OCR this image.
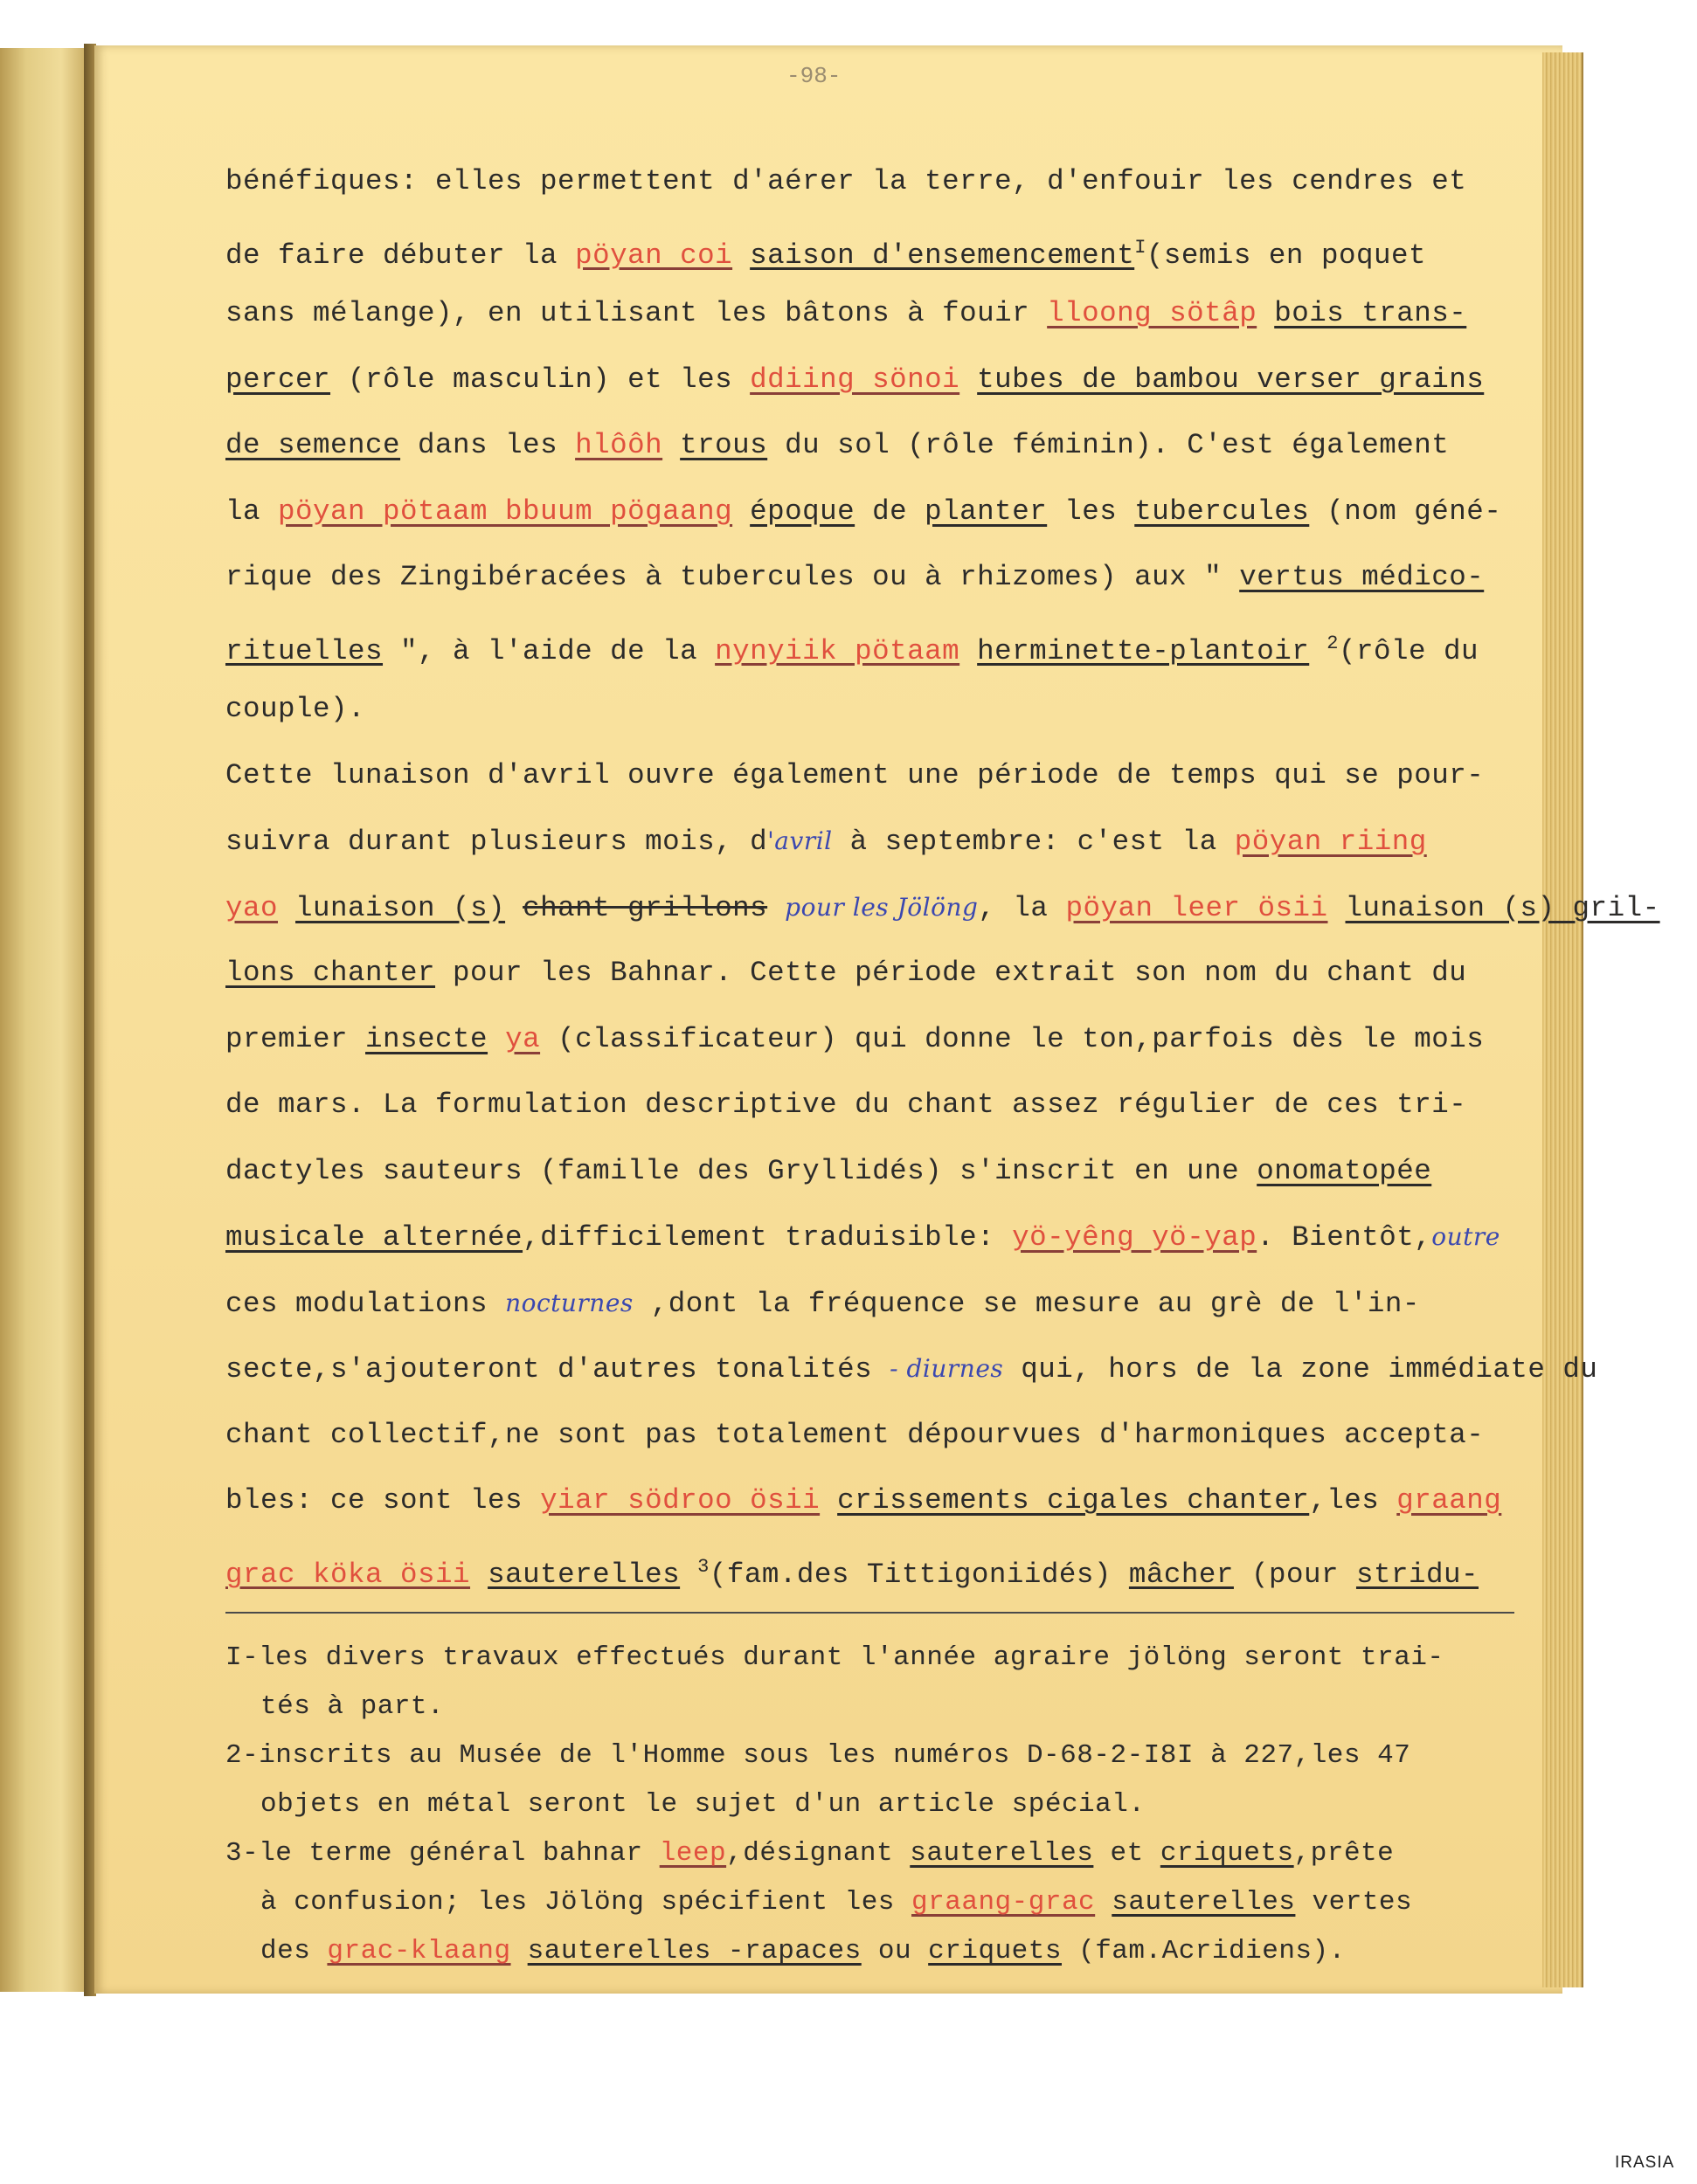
-98-
bénéfiques: elles permettent d'aérer la terre, d'enfouir les cendres et
de faire débuter la pöyan coi saison d'ensemencement$^I$(semis en poquet
sans mélange), en utilisant les bâtons à fouir lloong sötâp bois trans-
percer (rôle masculin) et les ddiing sönoi tubes de bambou verser grains
de semence dans les hlôôh trous du sol (rôle féminin). C'est également
la pöyan pötaam bbuum pögaang époque de planter les tubercules (nom géné-
rique des Zingibéracées à tubercules ou à rhizomes) aux " vertus médico-
rituelles ", à l'aide de la nynyiik pötaam herminette-plantoir $^2$(rôle du
couple).
Cette lunaison d'avril ouvre également une période de temps qui se pour-
suivra durant plusieurs mois, d'avril à septembre: c'est la pöyan riing
yao lunaison (s) chant grillons pour les Jölöng, la pöyan leer ösii lunaison (s) gril-
lons chanter pour les Bahnar. Cette période extrait son nom du chant du
premier insecte ya (classificateur) qui donne le ton,parfois dès le mois
de mars. La formulation descriptive du chant assez régulier de ces tri-
dactyles sauteurs (famille des Gryllidés) s'inscrit en une onomatopée
musicale alternée,difficilement traduisible: yö-yêng yö-yap. Bientôt,outre
ces modulations nocturnes ,dont la fréquence se mesure au grè de l'in-
secte,s'ajouteront d'autres tonalités - diurnes qui, hors de la zone immédiate du
chant collectif,ne sont pas totalement dépourvues d'harmoniques accepta-
bles: ce sont les yiar södroo ösii crissements cigales chanter,les graang
grac köka ösii sauterelles $^3$(fam.des Tittigoniidés) mâcher (pour stridu-
I-les divers travaux effectués durant l'année agraire jölöng seront trai-
tés à part.
2-inscrits au Musée de l'Homme sous les numéros D-68-2-I8I à 227,les 47
objets en métal seront le sujet d'un article spécial.
3-le terme général bahnar leep,désignant sauterelles et criquets,prête
à confusion; les Jölöng spécifient les graang-grac sauterelles vertes
des grac-klaang sauterelles -rapaces ou criquets (fam.Acridiens).
IRASIA
